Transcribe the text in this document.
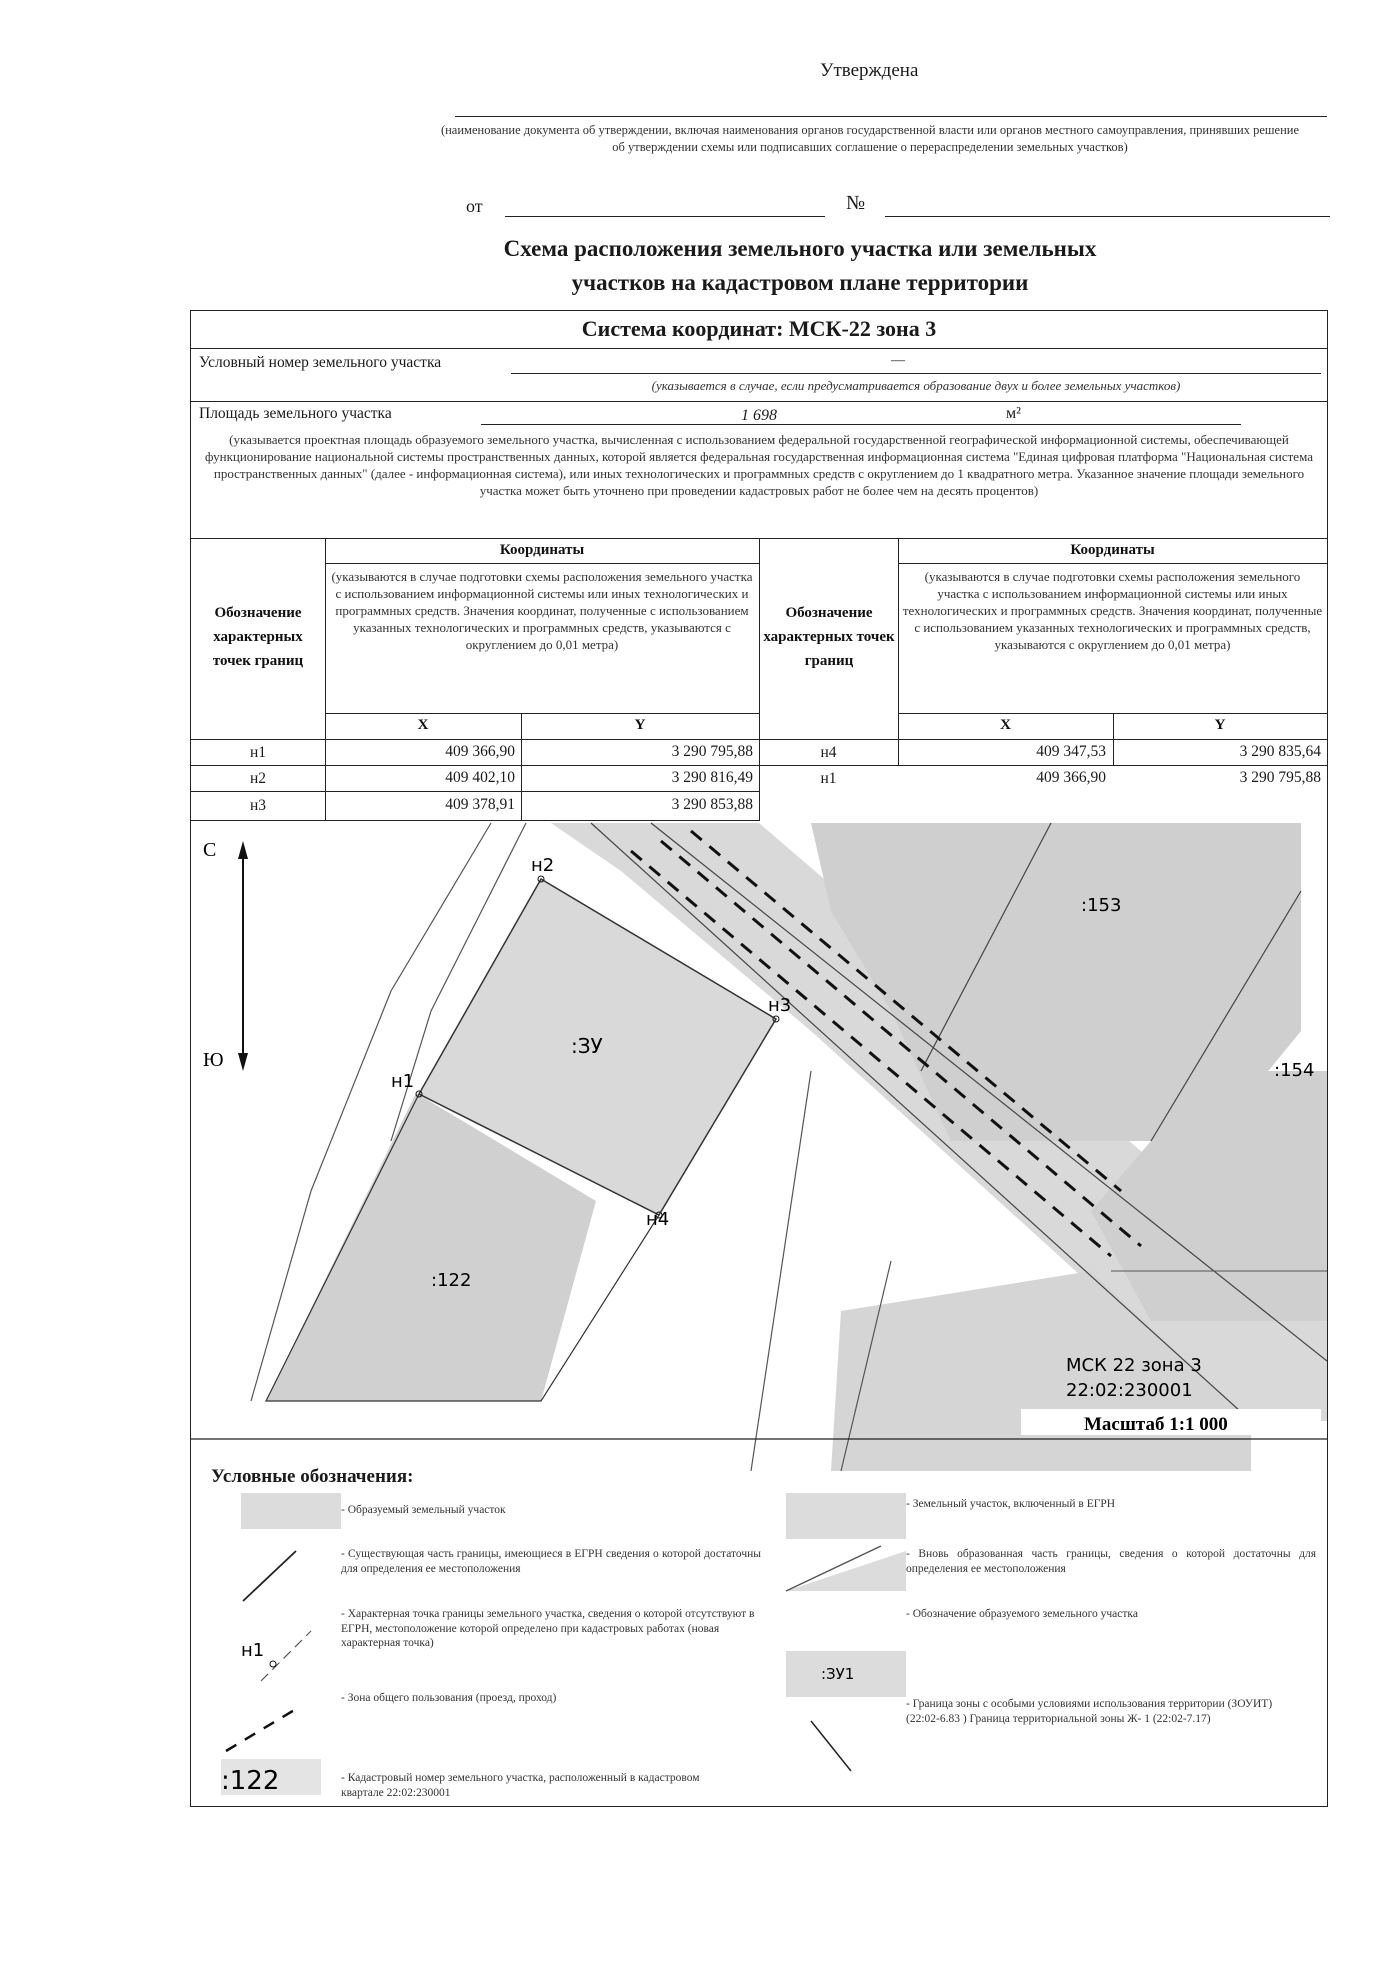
Утверждена
(наименование документа об утверждении, включая наименования органов государственной власти или органов местного самоуправления, принявших решение об утверждении схемы или подписавших соглашение о перераспределении земельных участков)
от	№
Схема расположения земельного участка или земельных
участков на кадастровом плане территории
Система координат: МСК-22 зона 3
Условный номер земельного участка	—
(указывается в случае, если предусматривается образование двух и более земельных участков)
Площадь земельного участка	1 698	м²
(указывается проектная площадь образуемого земельного участка, вычисленная с использованием федеральной государственной географической информационной системы, обеспечивающей функционирование национальной системы пространственных данных, которой является федеральная государственная информационная система "Единая цифровая платформа "Национальная система пространственных данных" (далее - информационная система), или иных технологических и программных средств с округлением до 1 квадратного метра. Указанное значение площади земельного участка может быть уточнено при проведении кадастровых работ не более чем на десять процентов)
Обозначение характерных точек границ
Координаты
(указываются в случае подготовки схемы расположения земельного участка с использованием информационной системы или иных технологических и программных средств. Значения координат, полученные с использованием указанных технологических и программных средств, указываются с округлением до 0,01 метра)
X	Y
Обозначение характерных точек границ
Координаты
(указываются в случае подготовки схемы расположения земельного участка с использованием информационной системы или иных технологических и программных средств. Значения координат, полученные с использованием указанных технологических и программных средств, указываются с округлением до 0,01 метра)
X	Y
н1	409 366,90	3 290 795,88
н2	409 402,10	3 290 816,49
н3	409 378,91	3 290 853,88
н4	409 347,53	3 290 835,64
н1	409 366,90	3 290 795,88
С
Ю
н1
н2
н3
н4
:ЗУ
:122
:153
:154
МСК 22 зона 3
22:02:230001
Масштаб 1:1 000
н1
:ЗУ1
:122
Условные обозначения:
- Образуемый земельный участок	- Земельный участок, включенный в ЕГРН
- Существующая часть границы, имеющиеся в ЕГРН сведения о которой достаточны для определения ее местоположения
- Вновь образованная часть границы, сведения о которой достаточны для определения ее местоположения
- Характерная точка границы земельного участка, сведения о которой отсутствуют в ЕГРН, местоположение которой определено при кадастровых работах (новая характерная точка)
- Обозначение образуемого земельного участка
- Зона общего пользования (проезд, проход)	- Граница зоны с особыми условиями использования территории (ЗОУИТ) (22:02-6.83 ) Граница территориальной зоны Ж- 1 (22:02-7.17)
- Кадастровый номер земельного участка, расположенный в кадастровом квартале 22:02:230001
